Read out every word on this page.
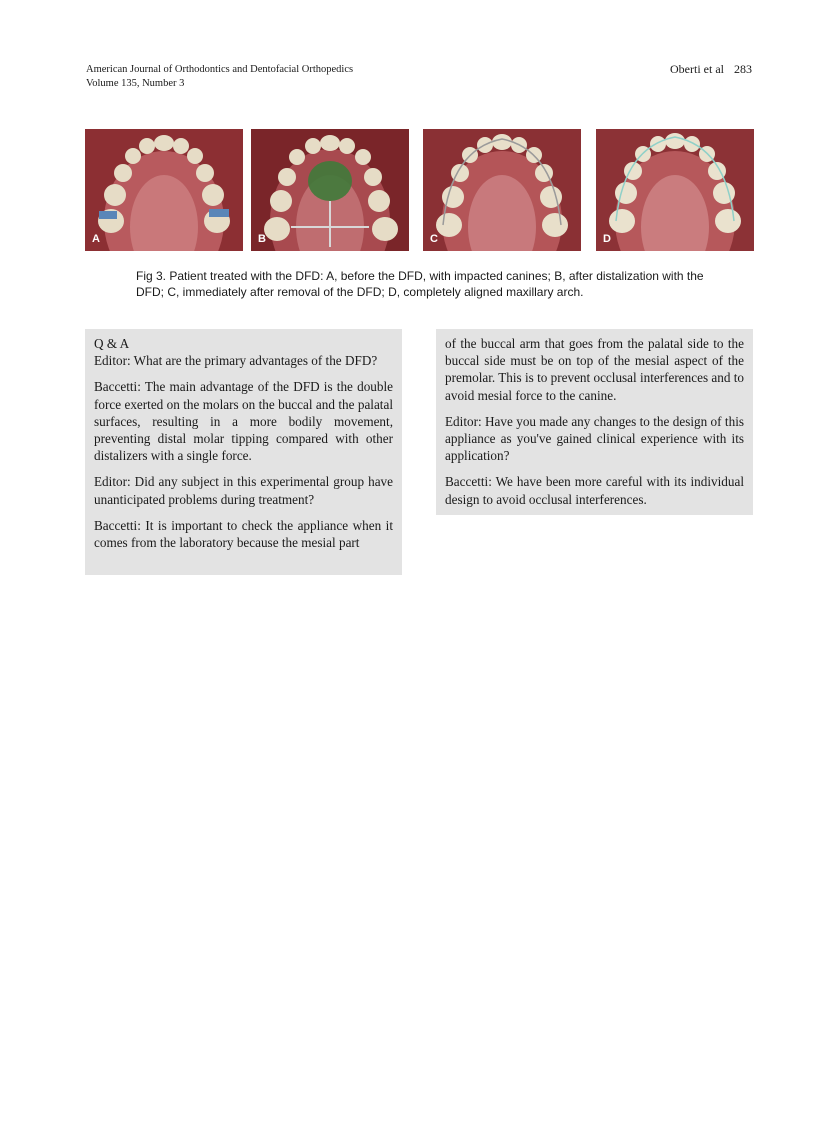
American Journal of Orthodontics and Dentofacial Orthopedics
Volume 135, Number 3
Oberti et al 283
A	B	C	D
Fig 3. Patient treated with the DFD: A, before the DFD, with impacted canines; B, after distalization with the DFD; C, immediately after removal of the DFD; D, completely aligned maxillary arch.

Q & A

Editor: What are the primary advantages of the DFD?

Baccetti: The main advantage of the DFD is the double force exerted on the molars on the buccal and the palatal surfaces, resulting in a more bodily movement, preventing distal molar tipping compared with other distalizers with a single force.

Editor: Did any subject in this experimental group have unanticipated problems during treatment?

Baccetti: It is important to check the appliance when it comes from the laboratory because the mesial part

of the buccal arm that goes from the palatal side to the buccal side must be on top of the mesial aspect of the premolar. This is to prevent occlusal interferences and to avoid mesial force to the canine.

Editor: Have you made any changes to the design of this appliance as you've gained clinical experience with its application?

Baccetti: We have been more careful with its individual design to avoid occlusal interferences.
